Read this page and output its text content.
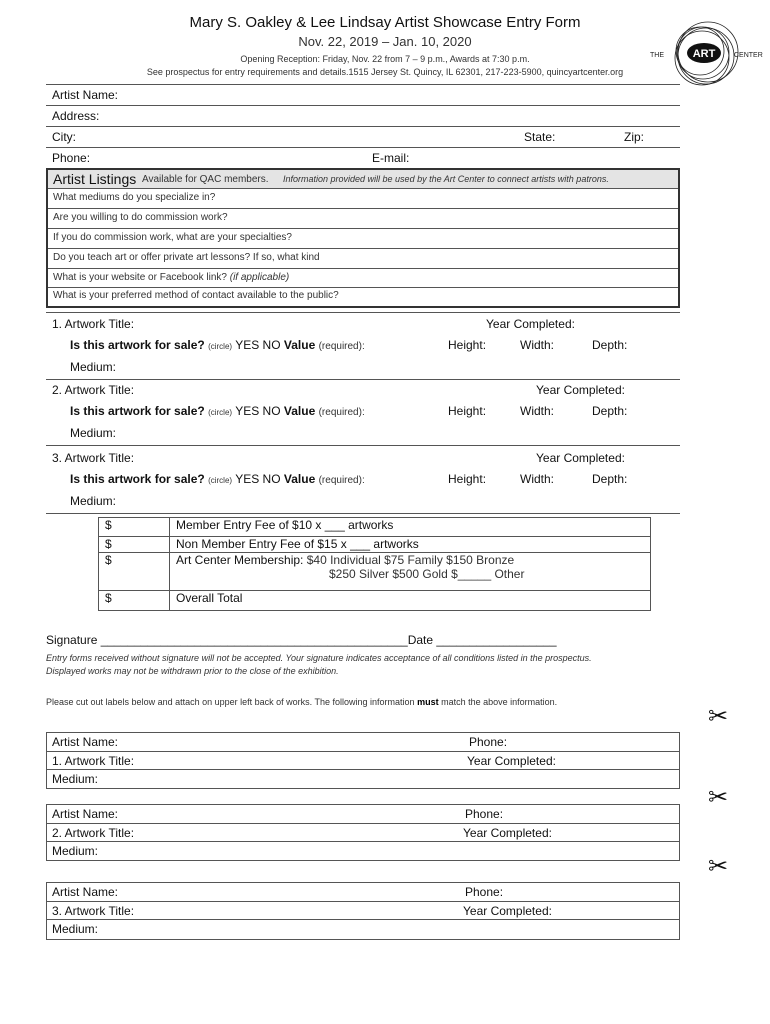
Mary S. Oakley & Lee Lindsay Artist Showcase Entry Form
Nov. 22, 2019 – Jan. 10, 2020
Opening Reception: Friday, Nov. 22 from 7 – 9 p.m., Awards at 7:30 p.m.
See prospectus for entry requirements and details.1515 Jersey St. Quincy, IL 62301, 217-223-5900, quincyartcenter.org
ART
THE	CENTER
Artist Name:
Address:
City:	State:	Zip:
Phone:	E-mail:
Artist Listings Available for QAC members. Information provided will be used by the Art Center to connect artists with patrons.
What mediums do you specialize in?
Are you willing to do commission work?
If you do commission work, what are your specialties?
Do you teach art or offer private art lessons? If so, what kind
What is your website or Facebook link? (if applicable)
What is your preferred method of contact available to the public?
1. Artwork Title:	Year Completed:
Is this artwork for sale? (circle) YES NO Value (required):	Height:	Width:	Depth:
Medium:
2. Artwork Title:	Year Completed:
Is this artwork for sale? (circle) YES NO Value (required):	Height:	Width:	Depth:
Medium:
3. Artwork Title:	Year Completed:
Is this artwork for sale? (circle) YES NO Value (required):	Height:	Width:	Depth:
Medium:
$	Member Entry Fee of $10 x ___ artworks
$	Non Member Entry Fee of $15 x ___ artworks
$	Art Center Membership: $40 Individual $75 Family $150 Bronze
$250 Silver $500 Gold $_____ Other
$	Overall Total
Signature ______________________________________________Date __________________
Entry forms received without signature will not be accepted. Your signature indicates acceptance of all conditions listed in the prospectus.
Displayed works may not be withdrawn prior to the close of the exhibition.
Please cut out labels below and attach on upper left back of works. The following information must match the above information.
✂
✂
✂
Artist Name:	Phone:
1. Artwork Title:	Year Completed:
Medium:
Artist Name:	Phone:
2. Artwork Title:	Year Completed:
Medium:
Artist Name:	Phone:
3. Artwork Title:	Year Completed:
Medium:
